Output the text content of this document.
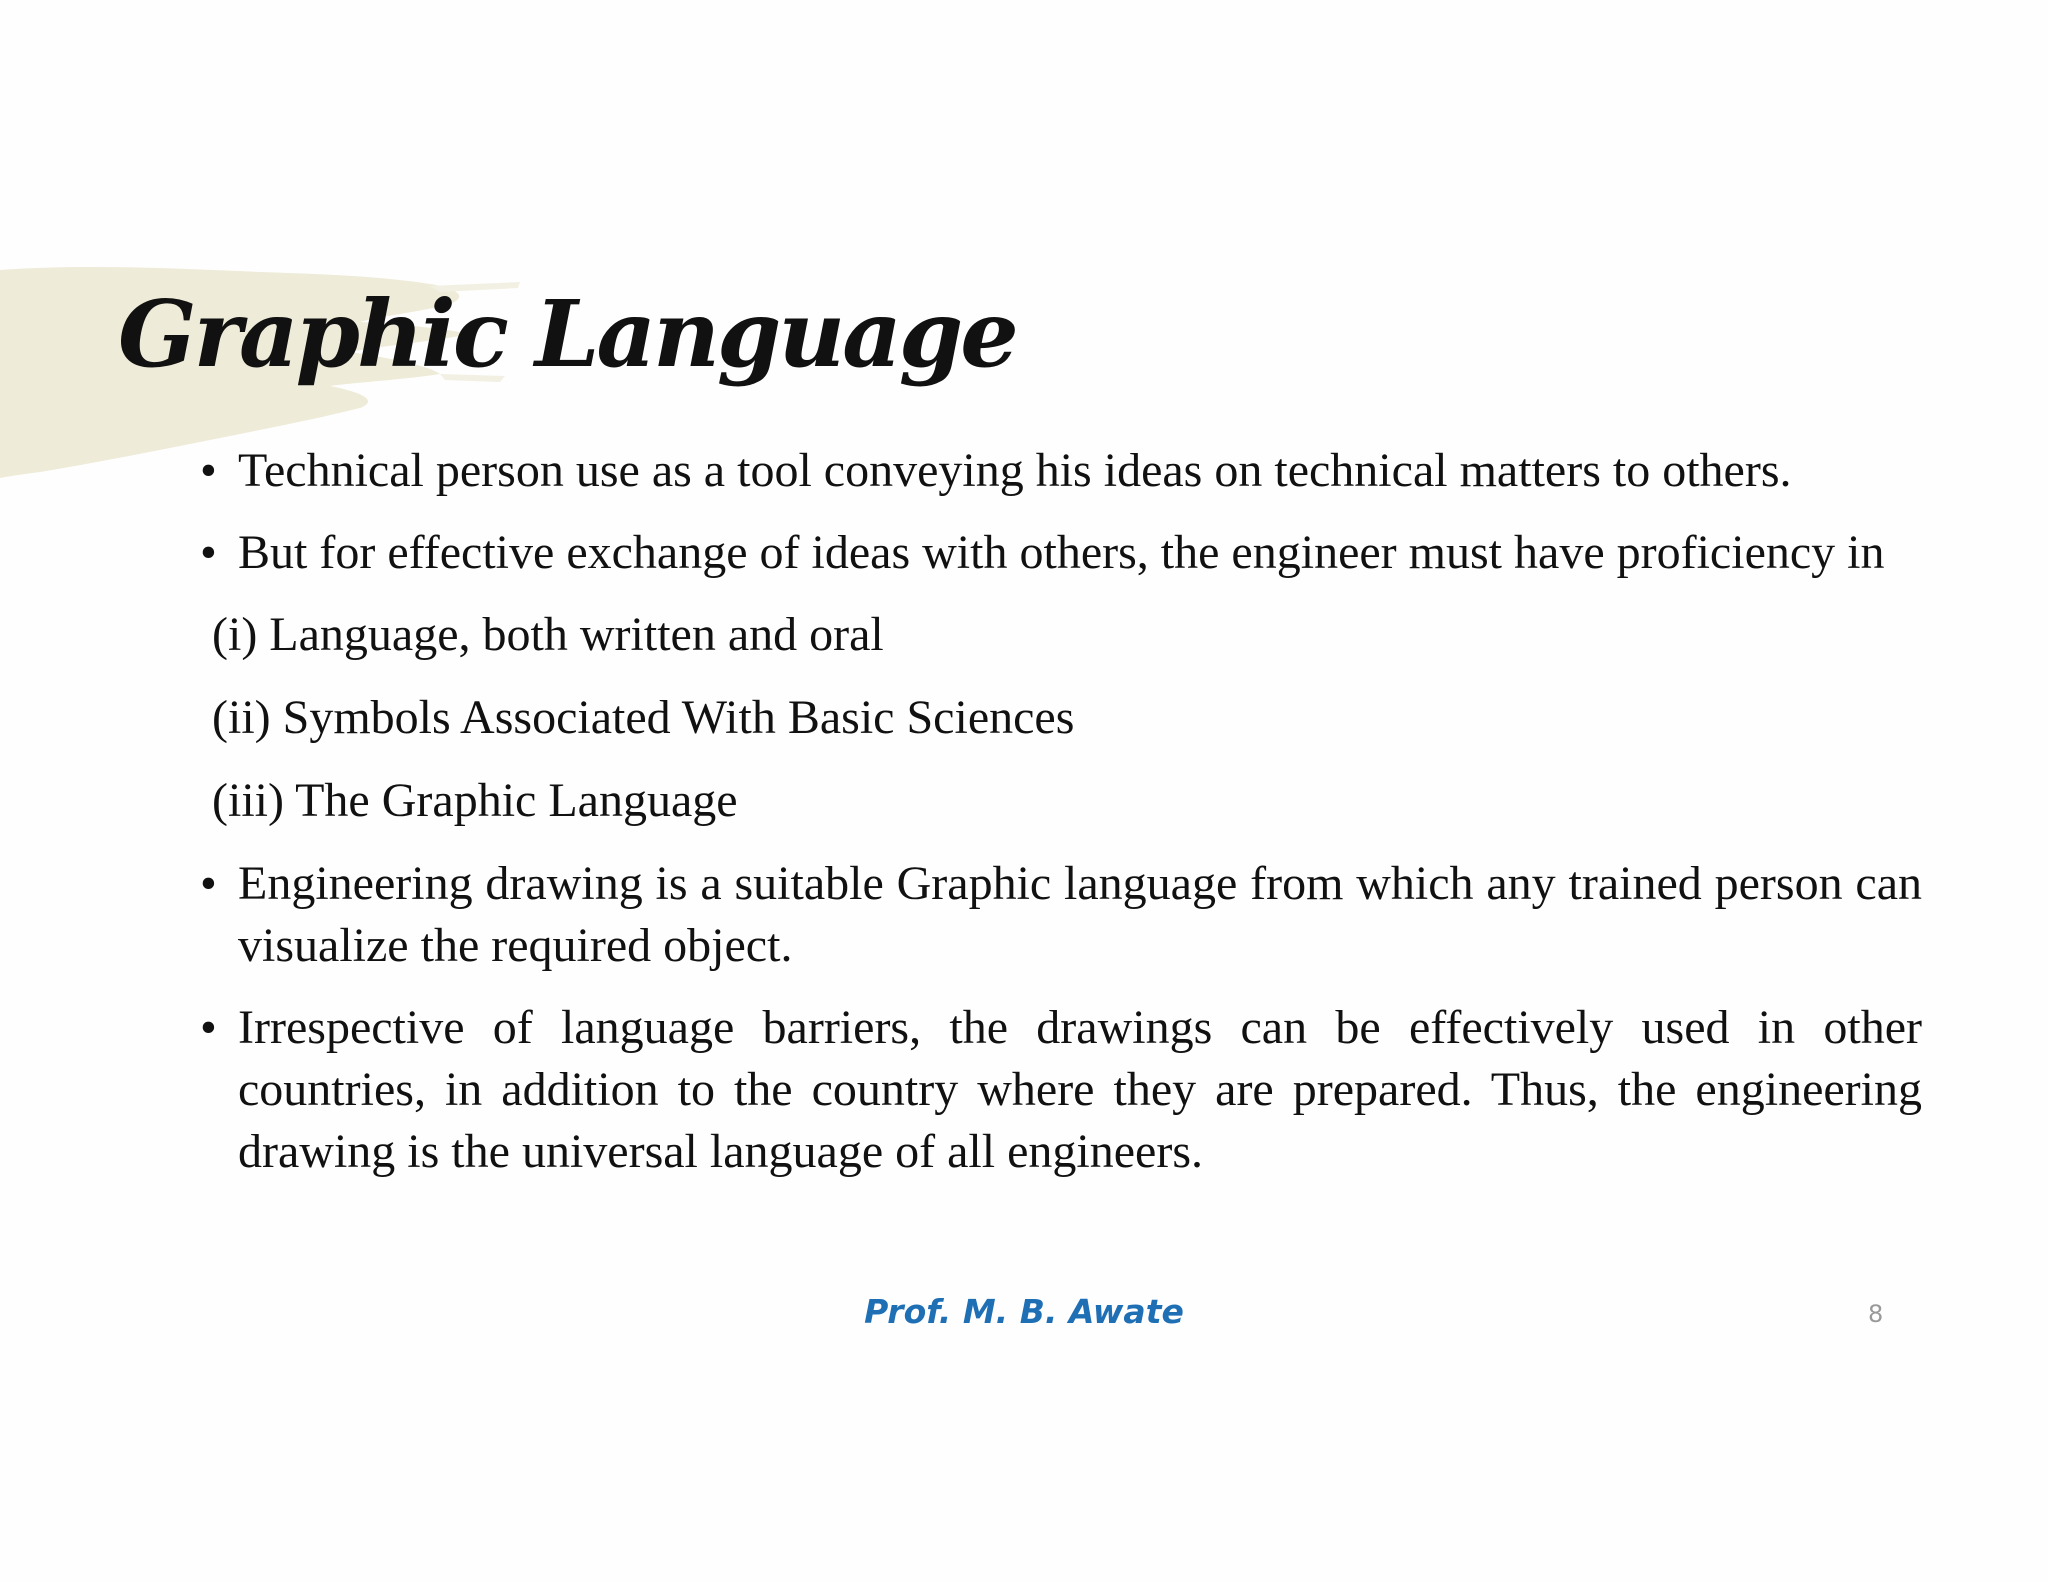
Graphic Language
• Technical person use as a tool conveying his ideas on technical matters to others.
• But for effective exchange of ideas with others, the engineer must have proficiency in
(i) Language, both written and oral
(ii) Symbols Associated With Basic Sciences
(iii) The Graphic Language
• Engineering drawing is a suitable Graphic language from which any trained person can visualize the required object.
• Irrespective of language barriers, the drawings can be effectively used in other countries, in addition to the country where they are prepared. Thus, the engineering drawing is the universal language of all engineers.
Prof. M. B. Awate	8
